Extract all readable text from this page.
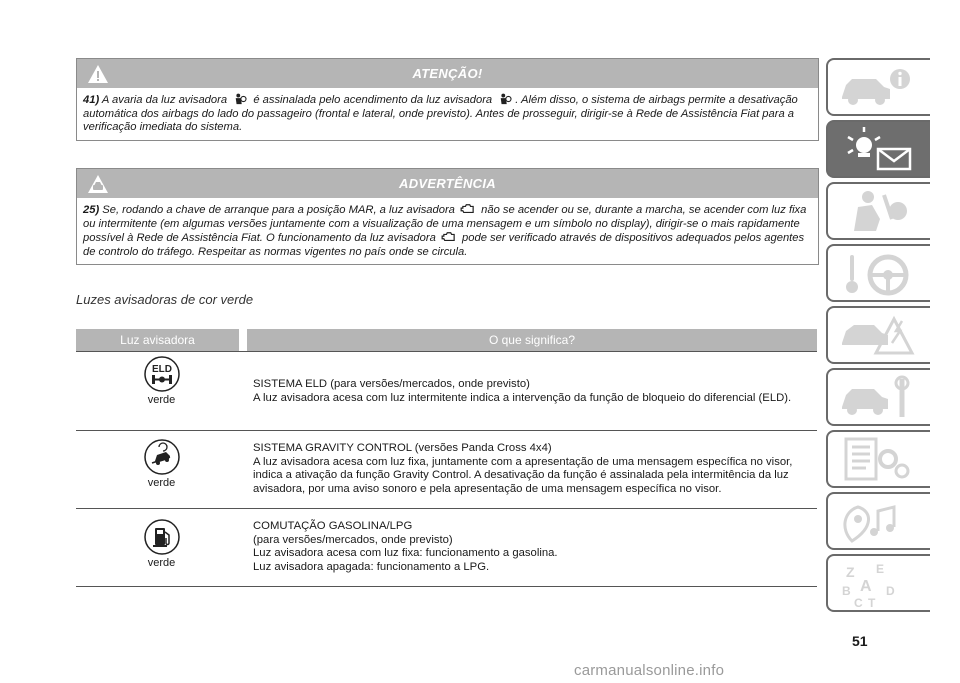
ATENÇÃO!
41) A avaria da luz avisadora é assinalada pelo acendimento da luz avisadora . Além disso, o sistema de airbags permite a desativação automática dos airbags do lado do passageiro (frontal e lateral, onde previsto). Antes de prosseguir, dirigir-se à Rede de Assistência Fiat para a verificação imediata do sistema.
ADVERTÊNCIA
25) Se, rodando a chave de arranque para a posição MAR, a luz avisadora não se acender ou se, durante a marcha, se acender com luz fixa ou intermitente (em algumas versões juntamente com a visualização de uma mensagem e um símbolo no display), dirigir-se o mais rapidamente possível à Rede de Assistência Fiat. O funcionamento da luz avisadora pode ser verificado através de dispositivos adequados pelos agentes de controlo do tráfego. Respeitar as normas vigentes no país onde se circula.
Luzes avisadoras de cor verde
Luz avisadora	O que significa?
ELD
verde
SISTEMA ELD (para versões/mercados, onde previsto)
A luz avisadora acesa com luz intermitente indica a intervenção da função de bloqueio do diferencial (ELD).
verde
SISTEMA GRAVITY CONTROL (versões Panda Cross 4x4)
A luz avisadora acesa com luz fixa, juntamente com a apresentação de uma mensagem específica no visor, indica a ativação da função Gravity Control. A desativação da função é assinalada pela intermitência da luz avisadora, por uma aviso sonoro e pela apresentação de uma mensagem específica no visor.
verde
COMUTAÇÃO GASOLINA/LPG
(para versões/mercados, onde previsto)
Luz avisadora acesa com luz fixa: funcionamento a gasolina.
Luz avisadora apagada: funcionamento a LPG.	Z E
B A D
C T
51
carmanualsonline.info
